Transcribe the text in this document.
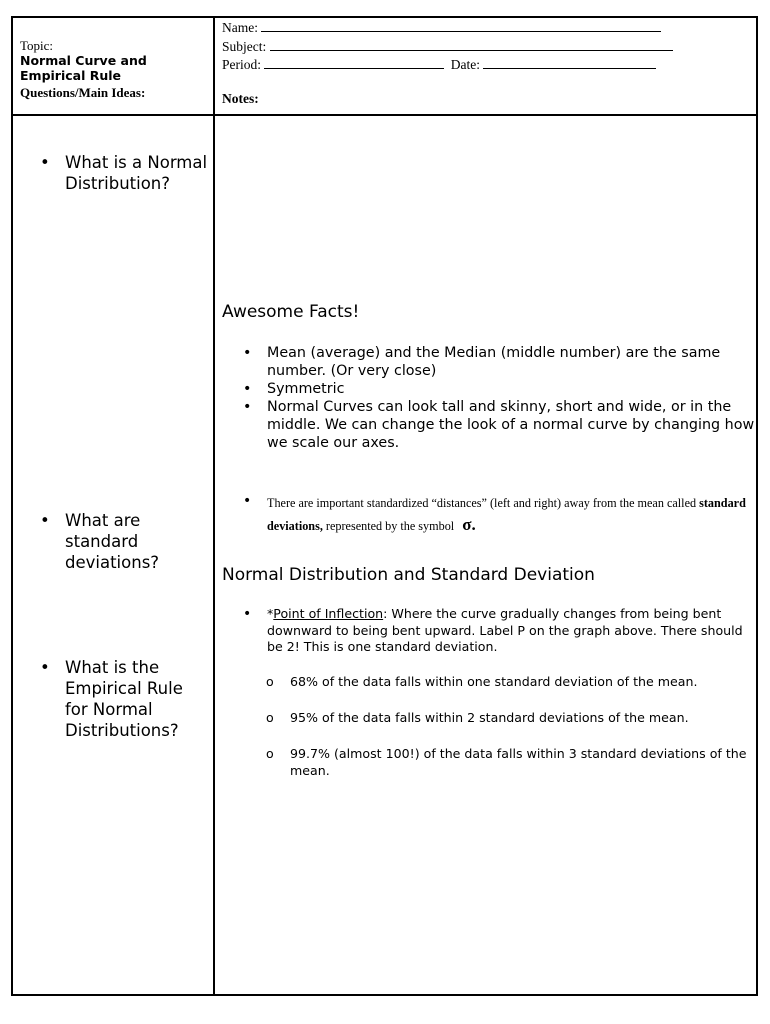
Topic:
Normal Curve and Empirical Rule
Questions/Main Ideas:
Name:
Subject:
Period:	Date:
Notes:
• What is a Normal Distribution?
• What are standard deviations?
• What is the Empirical Rule for Normal Distributions?
Awesome Facts!
• Mean (average) and the Median (middle number) are the same number. (Or very close)
• Symmetric
• Normal Curves can look tall and skinny, short and wide, or in the middle. We can change the look of a normal curve by changing how we scale our axes.
• There are important standardized “distances” (left and right) away from the mean called standard deviations, represented by the symbol σ.
Normal Distribution and Standard Deviation
• *Point of Inflection: Where the curve gradually changes from being bent downward to being bent upward. Label P on the graph above. There should be 2! This is one standard deviation.
o 68% of the data falls within one standard deviation of the mean.
o 95% of the data falls within 2 standard deviations of the mean.
o 99.7% (almost 100!) of the data falls within 3 standard deviations of the mean.
